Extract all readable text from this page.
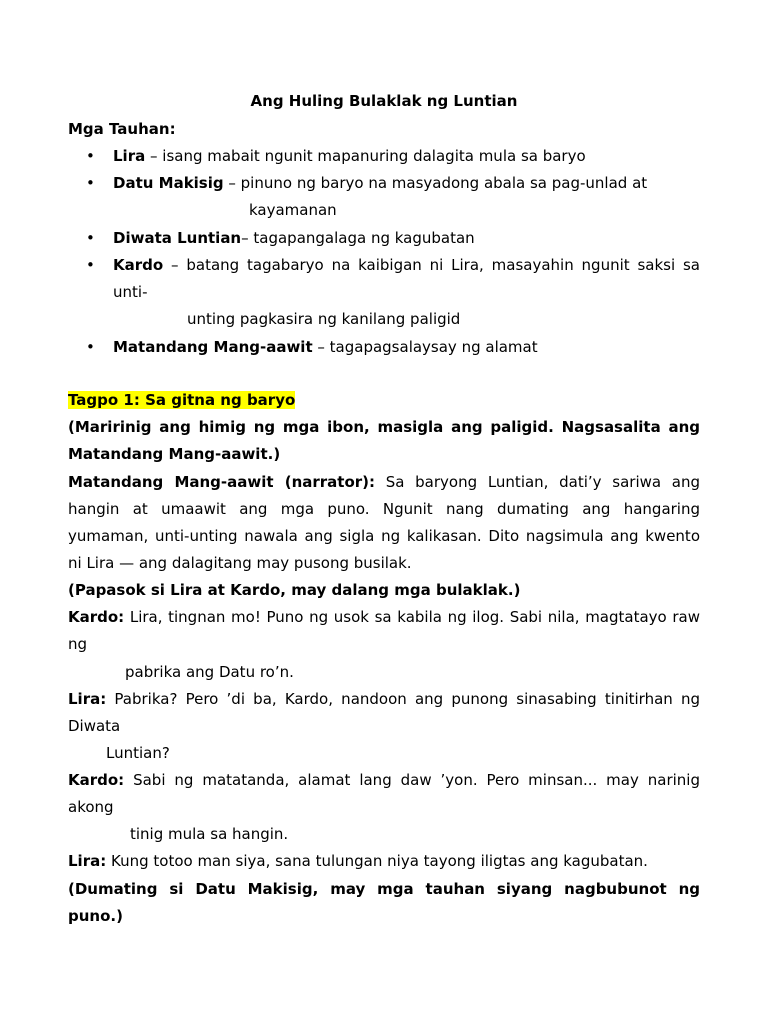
Ang Huling Bulaklak ng Luntian
Mga Tauhan:
• Lira – isang mabait ngunit mapanuring dalagita mula sa baryo
• Datu Makisig – pinuno ng baryo na masyadong abala sa pag-unlad at
kayamanan
• Diwata Luntian– tagapangalaga ng kagubatan
• Kardo – batang tagabaryo na kaibigan ni Lira, masayahin ngunit saksi sa
unti-
unting pagkasira ng kanilang paligid
• Matandang Mang-aawit – tagapagsalaysay ng alamat
Tagpo 1: Sa gitna ng baryo
(Maririnig ang himig ng mga ibon, masigla ang paligid. Nagsasalita ang
Matandang Mang-aawit.)
Matandang Mang-aawit (narrator): Sa baryong Luntian, dati’y sariwa ang
hangin at umaawit ang mga puno. Ngunit nang dumating ang hangaring
yumaman, unti-unting nawala ang sigla ng kalikasan. Dito nagsimula ang kwento
ni Lira — ang dalagitang may pusong busilak.
(Papasok si Lira at Kardo, may dalang mga bulaklak.)
Kardo: Lira, tingnan mo! Puno ng usok sa kabila ng ilog. Sabi nila, magtatayo raw
ng
pabrika ang Datu ro’n.
Lira: Pabrika? Pero ’di ba, Kardo, nandoon ang punong sinasabing tinitirhan ng
Diwata
Luntian?
Kardo: Sabi ng matatanda, alamat lang daw ’yon. Pero minsan... may narinig
akong
tinig mula sa hangin.
Lira: Kung totoo man siya, sana tulungan niya tayong iligtas ang kagubatan.
(Dumating si Datu Makisig, may mga tauhan siyang nagbubunot ng
puno.)
